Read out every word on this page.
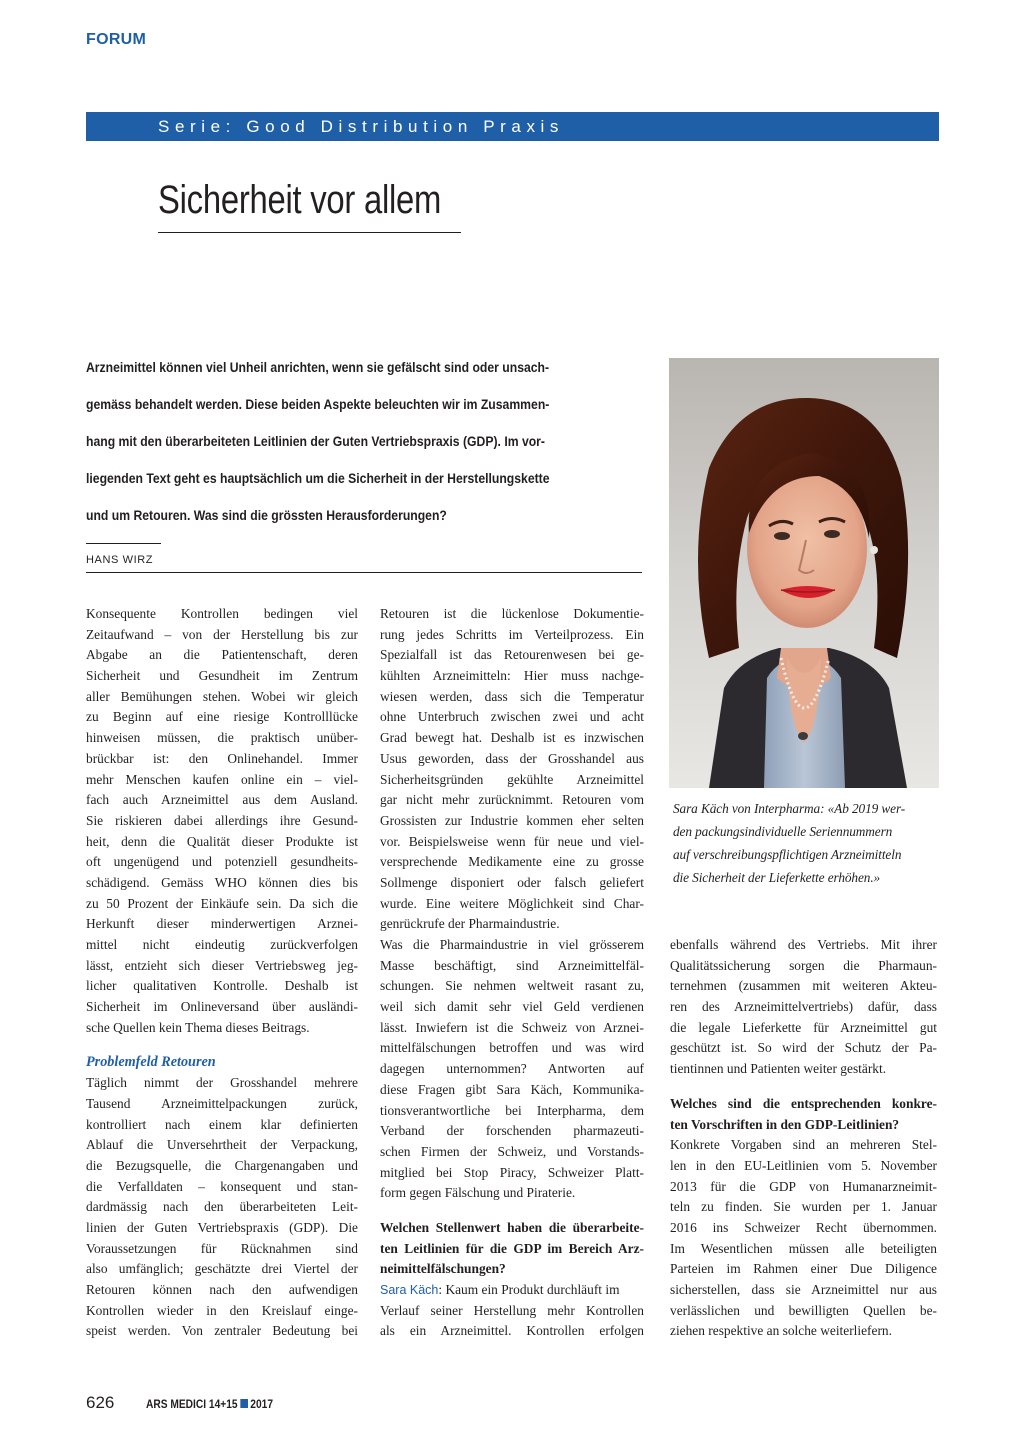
FORUM
Serie: Good Distribution Praxis
Sicherheit vor allem
Arzneimittel können viel Unheil anrichten, wenn sie gefälscht sind oder unsach-
gemäss behandelt werden. Diese beiden Aspekte beleuchten wir im Zusammen-
hang mit den überarbeiteten Leitlinien der Guten Vertriebspraxis (GDP). Im vor-
liegenden Text geht es hauptsächlich um die Sicherheit in der Herstellungskette
und um Retouren. Was sind die grössten Herausforderungen?
HANS WIRZ
Sara Käch von Interpharma: «Ab 2019 wer-
den packungsindividuelle Seriennummern
auf verschreibungspflichtigen Arzneimitteln
die Sicherheit der Lieferkette erhöhen.»
Konsequente Kontrollen bedingen viel
Zeitaufwand – von der Herstellung bis zur
Abgabe an die Patientenschaft, deren
Sicherheit und Gesundheit im Zentrum
aller Bemühungen stehen. Wobei wir gleich
zu Beginn auf eine riesige Kontrolllücke
hinweisen müssen, die praktisch unüber-
brückbar ist: den Onlinehandel. Immer
mehr Menschen kaufen online ein – viel-
fach auch Arzneimittel aus dem Ausland.
Sie riskieren dabei allerdings ihre Gesund-
heit, denn die Qualität dieser Produkte ist
oft ungenügend und potenziell gesundheits-
schädigend. Gemäss WHO können dies bis
zu 50 Prozent der Einkäufe sein. Da sich die
Herkunft dieser minderwertigen Arznei-
mittel nicht eindeutig zurückverfolgen
lässt, entzieht sich dieser Vertriebsweg jeg-
licher qualitativen Kontrolle. Deshalb ist
Sicherheit im Onlineversand über ausländi-
sche Quellen kein Thema dieses Beitrags.
Problemfeld Retouren
Täglich nimmt der Grosshandel mehrere
Tausend Arzneimittelpackungen zurück,
kontrolliert nach einem klar definierten
Ablauf die Unversehrtheit der Verpackung,
die Bezugsquelle, die Chargenangaben und
die Verfalldaten – konsequent und stan-
dardmässig nach den überarbeiteten Leit-
linien der Guten Vertriebspraxis (GDP). Die
Voraussetzungen für Rücknahmen sind
also umfänglich; geschätzte drei Viertel der
Retouren können nach den aufwendigen
Kontrollen wieder in den Kreislauf einge-
speist werden. Von zentraler Bedeutung bei
Retouren ist die lückenlose Dokumentie-
rung jedes Schritts im Verteilprozess. Ein
Spezialfall ist das Retourenwesen bei ge-
kühlten Arzneimitteln: Hier muss nachge-
wiesen werden, dass sich die Temperatur
ohne Unterbruch zwischen zwei und acht
Grad bewegt hat. Deshalb ist es inzwischen
Usus geworden, dass der Grosshandel aus
Sicherheitsgründen gekühlte Arzneimittel
gar nicht mehr zurücknimmt. Retouren vom
Grossisten zur Industrie kommen eher selten
vor. Beispielsweise wenn für neue und viel-
versprechende Medikamente eine zu grosse
Sollmenge disponiert oder falsch geliefert
wurde. Eine weitere Möglichkeit sind Char-
genrückrufe der Pharmaindustrie.
Was die Pharmaindustrie in viel grösserem
Masse beschäftigt, sind Arzneimittelfäl-
schungen. Sie nehmen weltweit rasant zu,
weil sich damit sehr viel Geld verdienen
lässt. Inwiefern ist die Schweiz von Arznei-
mittelfälschungen betroffen und was wird
dagegen unternommen? Antworten auf
diese Fragen gibt Sara Käch, Kommunika-
tionsverantwortliche bei Interpharma, dem
Verband der forschenden pharmazeuti-
schen Firmen der Schweiz, und Vorstands-
mitglied bei Stop Piracy, Schweizer Platt-
form gegen Fälschung und Piraterie.
Welchen Stellenwert haben die überarbeite-
ten Leitlinien für die GDP im Bereich Arz-
neimittelfälschungen?
Sara Käch: Kaum ein Produkt durchläuft im
Verlauf seiner Herstellung mehr Kontrollen
als ein Arzneimittel. Kontrollen erfolgen
ebenfalls während des Vertriebs. Mit ihrer
Qualitätssicherung sorgen die Pharmaun-
ternehmen (zusammen mit weiteren Akteu-
ren des Arzneimittelvertriebs) dafür, dass
die legale Lieferkette für Arzneimittel gut
geschützt ist. So wird der Schutz der Pa-
tientinnen und Patienten weiter gestärkt.
Welches sind die entsprechenden konkre-
ten Vorschriften in den GDP-Leitlinien?
Konkrete Vorgaben sind an mehreren Stel-
len in den EU-Leitlinien vom 5. November
2013 für die GDP von Humanarzneimit-
teln zu finden. Sie wurden per 1. Januar
2016 ins Schweizer Recht übernommen.
Im Wesentlichen müssen alle beteiligten
Parteien im Rahmen einer Due Diligence
sicherstellen, dass sie Arzneimittel nur aus
verlässlichen und bewilligten Quellen be-
ziehen respektive an solche weiterliefern.
626	ARS MEDICI 14+15 2017
